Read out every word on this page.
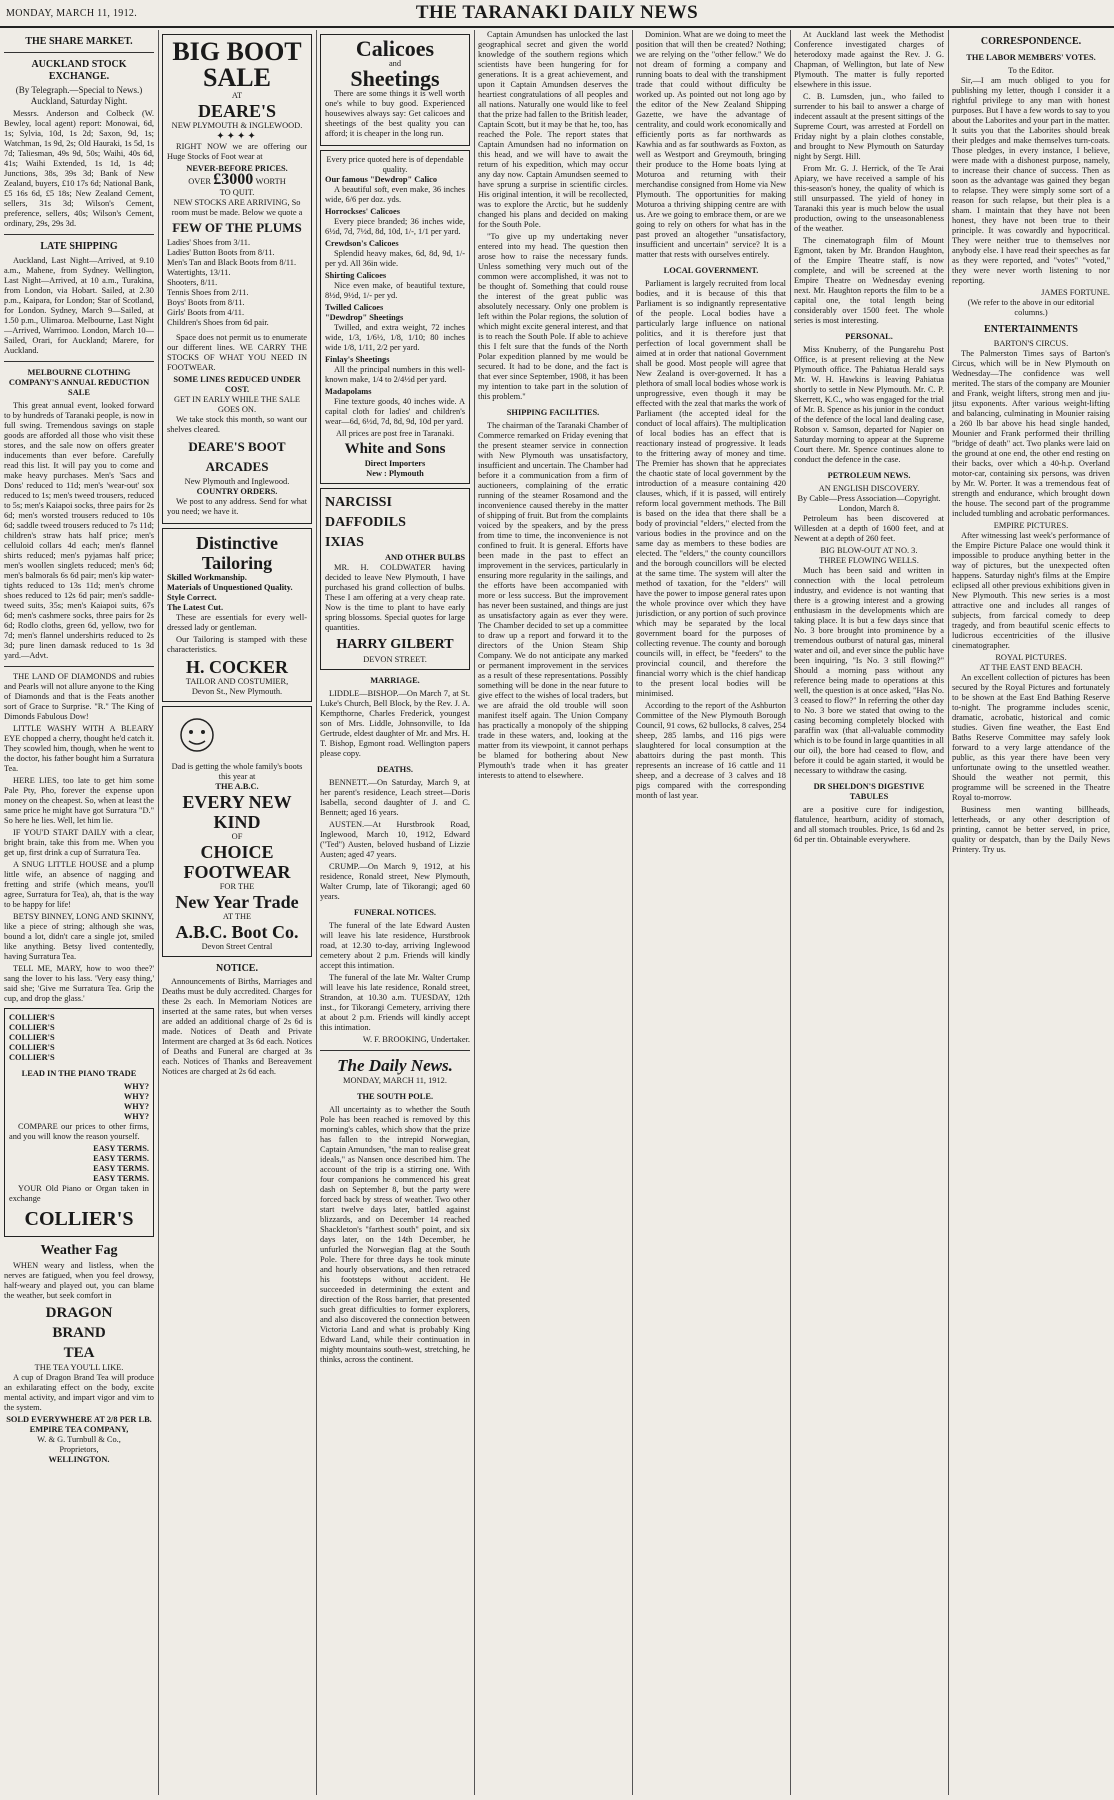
MONDAY, MARCH 11, 1912.	THE TARANAKI DAILY NEWS
THE SHARE MARKET.
AUCKLAND STOCK EXCHANGE.
(By Telegraph.—Special to News.) Auckland, Saturday Night.
Messrs. Anderson and Colbeck (W. Bewley, local agent) report: Monowai, 6d, 1s; Sylvia, 10d, 1s 2d; Saxon, 9d, 1s; Watchman, 1s 9d, 2s; Old Hauraki, 1s 5d, 1s 7d; Taliesman, 49s 9d, 50s; Waihi, 40s 6d, 41s; Waihi Extended, 1s 1d, 1s 4d; Junctions, 38s, 39s 3d; Bank of New Zealand, buyers, £10 17s 6d; National Bank, £5 16s 6d, £5 18s; New Zealand Cement, sellers, 31s 3d; Wilson's Cement, preference, sellers, 40s; Wilson's Cement, ordinary, 29s, 29s 3d.
LATE SHIPPING
Auckland, Last Night—Arrived, at 9.10 a.m., Mahene, from Sydney. Wellington, Last Night—Arrived, at 10 a.m., Turakina, from London, via Hobart. Sailed, at 2.30 p.m., Kaipara, for London; Star of Scotland, for London. Sydney, March 9—Sailed, at 1.50 p.m., Ulimaroa. Melbourne, Last Night—Arrived, Warrimoo. London, March 10—Sailed, Orari, for Auckland; Marere, for Auckland.
MELBOURNE CLOTHING COMPANY'S ANNUAL REDUCTION SALE
This great annual event, looked forward to by hundreds of Taranaki people, is now in full swing. Tremendous savings on staple goods are afforded all those who visit these stores, and the sale now on offers greater inducements than ever before. Carefully read this list. It will pay you to come and make heavy purchases. Men's 'Sacs and Dons' reduced to 11d; men's 'wear-out' sox reduced to 1s; men's tweed trousers, reduced to 5s; men's Kaiapoi socks, three pairs for 2s 6d; men's worsted trousers reduced to 10s 6d; saddle tweed trousers reduced to 7s 11d; children's straw hats half price; men's celluloid collars 4d each; men's flannel shirts reduced; men's pyjamas half price; men's woollen singlets reduced; men's 6d; men's balmorals 6s 6d pair; men's kip water-tights reduced to 13s 11d; men's chrome shoes reduced to 12s 6d pair; men's saddle-tweed suits, 35s; men's Kaiapoi suits, 67s 6d; men's cashmere socks, three pairs for 2s 6d; Rodlo cloths, green 6d, yellow, two for 7d; men's flannel undershirts reduced to 2s 3d; pure linen damask reduced to 1s 3d yard.—Advt.
THE LAND OF DIAMONDS and rubies and Pearls will not allure anyone to the King of Diamonds and that is the Feats another sort of Grace to Surprise. "R." The King of Dimonds Fabulous Dow!
LITTLE WASHY WITH A BLEARY EYE chopped a cherry, thought he'd catch it. They scowled him, though, when he went to the doctor, his father bought him a Surratura Tea.
HERE LIES, too late to get him some Pale Pty, Pho, forever the expense upon money on the cheapest. So, when at least the same price he might have got Surratura "D." So here he lies. Well, let him lie.
IF YOU'D START DAILY with a clear, bright brain, take this from me. When you get up, first drink a cup of Surratura Tea.
A SNUG LITTLE HOUSE and a plump little wife, an absence of nagging and fretting and strife (which means, you'll agree, Surratura for Tea), ah, that is the way to be happy for life!
BETSY BINNEY, LONG AND SKINNY, like a piece of string; although she was, bound a lot, didn't care a single jot, smiled like anything. Betsy lived contentedly, having Surratura Tea.
TELL ME, MARY, how to woo thee?' sang the lover to his lass. 'Very easy thing,' said she; 'Give me Surratura Tea. Grip the cup, and drop the glass.'
COLLIER'S
COLLIER'S
COLLIER'S
COLLIER'S
COLLIER'S
LEAD IN THE PIANO TRADE
WHY?
WHY?
WHY?
WHY?
COMPARE our prices to other firms, and you will know the reason yourself.
EASY TERMS.
EASY TERMS.
EASY TERMS.
EASY TERMS.
YOUR Old Piano or Organ taken in exchange
COLLIER'S
Weather Fag
WHEN weary and listless, when the nerves are fatigued, when you feel drowsy, half-weary and played out, you can blame the weather, but seek comfort in
DRAGON
BRAND
TEA
THE TEA YOU'LL LIKE.
A cup of Dragon Brand Tea will produce an exhilarating effect on the body, excite mental activity, and impart vigor and vim to the system.
SOLD EVERYWHERE AT 2/8 PER LB.
EMPIRE TEA COMPANY,
W. & G. Turnbull & Co.,
Proprietors,
WELLINGTON.
BIG BOOT SALE
AT
DEARE'S
NEW PLYMOUTH & INGLEWOOD.
✦✦✦✦
RIGHT NOW we are offering our Huge Stocks of Foot wear at
NEVER-BEFORE PRICES.
OVER £3000 WORTH
TO QUIT.
NEW STOCKS ARE ARRIVING, So room must be made. Below we quote a
FEW OF THE PLUMS
Ladies' Shoes from 3/11.
Ladies' Button Boots from 8/11.
Men's Tan and Black Boots from 8/11.
Watertights, 13/11.
Shooters, 8/11.
Tennis Shoes from 2/11.
Boys' Boots from 8/11.
Girls' Boots from 4/11.
Children's Shoes from 6d pair.
Space does not permit us to enumerate our different lines. WE CARRY THE STOCKS OF WHAT YOU NEED IN FOOTWEAR.
SOME LINES REDUCED UNDER COST.
GET IN EARLY WHILE THE SALE GOES ON.
We take stock this month, so want our shelves cleared.
DEARE'S BOOT ARCADES
New Plymouth and Inglewood.
COUNTRY ORDERS.
We post to any address. Send for what you need; we have it.
Distinctive Tailoring
Skilled Workmanship.
Materials of Unquestioned Quality.
Style Correct.
The Latest Cut.
These are essentials for every well-dressed lady or gentleman.
Our Tailoring is stamped with these characteristics.
H. COCKER
TAILOR AND COSTUMIER,
Devon St., New Plymouth.
Dad is getting the whole family's boots this year at
THE A.B.C.
EVERY NEW KIND
OF
CHOICE FOOTWEAR
FOR THE
New Year Trade
AT THE
A.B.C. Boot Co.
Devon Street Central
NOTICE.
Announcements of Births, Marriages and Deaths must be duly accredited. Charges for these 2s each. In Memoriam Notices are inserted at the same rates, but when verses are added an additional charge of 2s 6d is made. Notices of Death and Private Interment are charged at 3s 6d each. Notices of Deaths and Funeral are charged at 3s each. Notices of Thanks and Bereavement Notices are charged at 2s 6d each.
Calicoes
and
Sheetings
There are some things it is well worth one's while to buy good. Experienced housewives always say: Get calicoes and sheetings of the best quality you can afford; it is cheaper in the long run.
Every price quoted here is of dependable quality.
Our famous "Dewdrop" Calico
A beautiful soft, even make, 36 inches wide, 6/6 per doz. yds.
Horrockses' Calicoes
Every piece branded; 36 inches wide, 6½d, 7d, 7½d, 8d, 10d, 1/-, 1/1 per yard.
Crewdson's Calicoes
Splendid heavy makes, 6d, 8d, 9d, 1/- per yd. All 36in wide.
Shirting Calicoes
Nice even make, of beautiful texture, 8½d, 9½d, 1/- per yd.
Twilled Calicoes
"Dewdrop" Sheetings
Twilled, and extra weight, 72 inches wide, 1/3, 1/6½, 1/8, 1/10; 80 inches wide 1/8, 1/11, 2/2 per yard.
Finlay's Sheetings
All the principal numbers in this well-known make, 1/4 to 2/4½d per yard.
Madapolams
Fine texture goods, 40 inches wide. A capital cloth for ladies' and children's wear—6d, 6½d, 7d, 8d, 9d, 10d per yard.
All prices are post free in Taranaki.
White and Sons
Direct Importers
New : Plymouth
NARCISSI
DAFFODILS
IXIAS
AND OTHER BULBS
MR. H. COLDWATER having decided to leave New Plymouth, I have purchased his grand collection of bulbs. These I am offering at a very cheap rate. Now is the time to plant to have early spring blossoms. Special quotes for large quantities.
HARRY GILBERT
DEVON STREET.
MARRIAGE.
LIDDLE—BISHOP.—On March 7, at St. Luke's Church, Bell Block, by the Rev. J. A. Kempthorne, Charles Frederick, youngest son of Mrs. Liddle, Johnsonville, to Ida Gertrude, eldest daughter of Mr. and Mrs. H. T. Bishop, Egmont road. Wellington papers please copy.
DEATHS.
BENNETT.—On Saturday, March 9, at her parent's residence, Leach street—Doris Isabella, second daughter of J. and C. Bennett; aged 16 years.
AUSTEN.—At Hurstbrook Road, Inglewood, March 10, 1912, Edward ("Ted") Austen, beloved husband of Lizzie Austen; aged 47 years.
CRUMP.—On March 9, 1912, at his residence, Ronald street, New Plymouth, Walter Crump, late of Tikorangi; aged 60 years.
FUNERAL NOTICES.
The funeral of the late Edward Austen will leave his late residence, Hurstbrook road, at 12.30 to-day, arriving Inglewood cemetery about 2 p.m. Friends will kindly accept this intimation.
The funeral of the late Mr. Walter Crump will leave his late residence, Ronald street, Strandon, at 10.30 a.m. TUESDAY, 12th inst., for Tikorangi Cemetery, arriving there at about 2 p.m. Friends will kindly accept this intimation.
W. F. BROOKING, Undertaker.
The Daily News.
MONDAY, MARCH 11, 1912.
THE SOUTH POLE.
All uncertainty as to whether the South Pole has been reached is removed by this morning's cables, which show that the prize has fallen to the intrepid Norwegian, Captain Amundsen, "the man to realise great ideals," as Nansen once described him. The account of the trip is a stirring one. With four companions he commenced his great dash on September 8, but the party were forced back by stress of weather. Two other start twelve days later, battled against blizzards, and on December 14 reached Shackleton's "farthest south" point, and six days later, on the 14th December, he unfurled the Norwegian flag at the South Pole. There for three days he took minute and hourly observations, and then retraced his footsteps without accident. He succeeded in determining the extent and direction of the Ross barrier, that presented such great difficulties to former explorers, and also discovered the connection between Victoria Land and what is probably King Edward Land, while their continuation in mighty mountains south-west, stretching, he thinks, across the continent.
Captain Amundsen has unlocked the last geographical secret and given the world knowledge of the southern regions which scientists have been hungering for for generations. It is a great achievement, and upon it Captain Amundsen deserves the heartiest congratulations of all peoples and all nations. Naturally one would like to feel that the prize had fallen to the British leader, Captain Scott, but it may be that he, too, has reached the Pole. The report states that Captain Amundsen had no information on this head, and we will have to await the return of his expedition, which may occur any day now. Captain Amundsen seemed to have sprung a surprise in scientific circles. His original intention, it will be recollected, was to explore the Arctic, but he suddenly changed his plans and decided on making for the South Pole.
"To give up my undertaking never entered into my head. The question then arose how to raise the necessary funds. Unless something very much out of the common were accomplished, it was not to be thought of. Something that could rouse the interest of the great public was absolutely necessary. Only one problem is left within the Polar regions, the solution of which might excite general interest, and that is to reach the South Pole. If able to achieve this I felt sure that the funds of the North Polar expedition planned by me would be secured. It had to be done, and the fact is that ever since September, 1908, it has been my intention to take part in the solution of this problem."
SHIPPING FACILITIES.
The chairman of the Taranaki Chamber of Commerce remarked on Friday evening that the present steamer service in connection with New Plymouth was unsatisfactory, insufficient and uncertain. The Chamber had before it a communication from a firm of auctioneers, complaining of the erratic running of the steamer Rosamond and the inconvenience caused thereby in the matter of shipping of fruit. But from the complaints voiced by the speakers, and by the press from time to time, the inconvenience is not confined to fruit. It is general. Efforts have been made in the past to effect an improvement in the services, particularly in ensuring more regularity in the sailings, and the efforts have been accompanied with more or less success. But the improvement has never been sustained, and things are just as unsatisfactory again as ever they were. The Chamber decided to set up a committee to draw up a report and forward it to the directors of the Union Steam Ship Company. We do not anticipate any marked or permanent improvement in the services as a result of these representations. Possibly something will be done in the near future to give effect to the wishes of local traders, but we are afraid the old trouble will soon manifest itself again. The Union Company has practically a monopoly of the shipping trade in these waters, and, looking at the matter from its viewpoint, it cannot perhaps be blamed for bothering about New Plymouth's trade when it has greater interests to attend to elsewhere.
Dominion. What are we doing to meet the position that will then be created? Nothing; we are relying on the "other fellow." We do not dream of forming a company and running boats to deal with the transhipment trade that could without difficulty be worked up. As pointed out not long ago by the editor of the New Zealand Shipping Gazette, we have the advantage of centrality, and could work economically and efficiently ports as far northwards as Kawhia and as far southwards as Foxton, as well as Westport and Greymouth, bringing their produce to the Home boats lying at Moturoa and returning with their merchandise consigned from Home via New Plymouth. The opportunities for making Moturoa a thriving shipping centre are with us. Are we going to embrace them, or are we going to rely on others for what has in the past proved an altogether "unsatisfactory, insufficient and uncertain" service? It is a matter that rests with ourselves entirely.
LOCAL GOVERNMENT.
Parliament is largely recruited from local bodies, and it is because of this that Parliament is so indignantly representative of the people. Local bodies have a particularly large influence on national politics, and it is therefore just that perfection of local government shall be aimed at in order that national Government shall be good. Most people will agree that New Zealand is over-governed. It has a plethora of small local bodies whose work is unprogressive, even though it may be effected with the zeal that marks the work of Parliament (the accepted ideal for the conduct of local affairs). The multiplication of local bodies has an effect that is reactionary instead of progressive. It leads to the frittering away of money and time. The Premier has shown that he appreciates the chaotic state of local government by the introduction of a measure containing 420 clauses, which, if it is passed, will entirely reform local government methods. The Bill is based on the idea that there shall be a body of provincial "elders," elected from the various bodies in the province and on the same day as members to these bodies are elected. The "elders," the county councillors and the borough councillors will be elected at the same time. The system will alter the method of taxation, for the "elders" will have the power to impose general rates upon the whole province over which they have jurisdiction, or any portion of such province which may be separated by the local government board for the purposes of collecting revenue. The county and borough councils will, in effect, be "feeders" to the provincial council, and therefore the financial worry which is the chief handicap to the present local bodies will be minimised.
According to the report of the Ashburton Committee of the New Plymouth Borough Council, 91 cows, 62 bullocks, 8 calves, 254 sheep, 285 lambs, and 116 pigs were slaughtered for local consumption at the abattoirs during the past month. This represents an increase of 16 cattle and 11 sheep, and a decrease of 3 calves and 18 pigs compared with the corresponding month of last year.
At Auckland last week the Methodist Conference investigated charges of heterodoxy made against the Rev. J. G. Chapman, of Wellington, but late of New Plymouth. The matter is fully reported elsewhere in this issue.
C. B. Lumsden, jun., who failed to surrender to his bail to answer a charge of indecent assault at the present sittings of the Supreme Court, was arrested at Fordell on Friday night by a plain clothes constable, and brought to New Plymouth on Saturday night by Sergt. Hill.
From Mr. G. J. Herrick, of the Te Arai Apiary, we have received a sample of his this-season's honey, the quality of which is still unsurpassed. The yield of honey in Taranaki this year is much below the usual production, owing to the unseasonableness of the weather.
The cinematograph film of Mount Egmont, taken by Mr. Brandon Haughton, of the Empire Theatre staff, is now complete, and will be screened at the Empire Theatre on Wednesday evening next. Mr. Haughton reports the film to be a capital one, the total length being considerably over 1500 feet. The whole series is most interesting.
PERSONAL.
Miss Knuberry, of the Pungarehu Post Office, is at present relieving at the New Plymouth office. The Pahiatua Herald says Mr. W. H. Hawkins is leaving Pahiatua shortly to settle in New Plymouth. Mr. C. P. Skerrett, K.C., who was engaged for the trial of Mr. B. Spence as his junior in the conduct of the defence of the local land dealing case, Robson v. Samson, departed for Napier on Saturday morning to appear at the Supreme Court there. Mr. Spence continues alone to conduct the defence in the case.
PETROLEUM NEWS.
AN ENGLISH DISCOVERY.
By Cable—Press Association—Copyright. London, March 8.
Petroleum has been discovered at Willesden at a depth of 1600 feet, and at Newent at a depth of 260 feet.
BIG BLOW-OUT AT NO. 3.
THREE FLOWING WELLS.
Much has been said and written in connection with the local petroleum industry, and evidence is not wanting that there is a growing interest and a growing enthusiasm in the developments which are taking place. It is but a few days since that No. 3 bore brought into prominence by a tremendous outburst of natural gas, mineral water and oil, and ever since the public have been inquiring, "Is No. 3 still flowing?" Should a morning pass without any reference being made to operations at this well, the question is at once asked, "Has No. 3 ceased to flow?" In referring the other day to No. 3 bore we stated that owing to the casing becoming completely blocked with paraffin wax (that all-valuable commodity which is to be found in large quantities in all our oil), the bore had ceased to flow, and before it could be again started, it would be necessary to withdraw the casing.
DR SHELDON'S DIGESTIVE TABULES
are a positive cure for indigestion, flatulence, heartburn, acidity of stomach, and all stomach troubles. Price, 1s 6d and 2s 6d per tin. Obtainable everywhere.
CORRESPONDENCE.
THE LABOR MEMBERS' VOTES.
To the Editor.
Sir,—I am much obliged to you for publishing my letter, though I consider it a rightful privilege to any man with honest purposes. But I have a few words to say to you about the Laborites and your part in the matter. It suits you that the Laborites should break their pledges and make themselves turn-coats. Those pledges, in every instance, I believe, were made with a dishonest purpose, namely, to increase their chance of success. Then as soon as the advantage was gained they began to relapse. They were simply some sort of a reason for such relapse, but their plea is a sham. I maintain that they have not been honest, they have not been true to their principle. It was cowardly and hypocritical. They were neither true to themselves nor anybody else. I have read their speeches as far as they were reported, and "votes" "voted," they were never worth listening to nor reporting.
JAMES FORTUNE.
(We refer to the above in our editorial columns.)
ENTERTAINMENTS
BARTON'S CIRCUS.
The Palmerston Times says of Barton's Circus, which will be in New Plymouth on Wednesday—The confidence was well merited. The stars of the company are Mounier and Frank, weight lifters, strong men and jiu-jitsu exponents. After various weight-lifting and balancing, culminating in Mounier raising a 260 lb bar above his head single handed, Mounier and Frank performed their thrilling "bridge of death" act. Two planks were laid on the ground at one end, the other end resting on their backs, over which a 40-h.p. Overland motor-car, containing six persons, was driven by Mr. W. Porter. It was a tremendous feat of strength and endurance, which brought down the house. The second part of the programme included tumbling and acrobatic performances.
EMPIRE PICTURES.
After witnessing last week's performance of the Empire Picture Palace one would think it impossible to produce anything better in the way of pictures, but the unexpected often happens. Saturday night's films at the Empire eclipsed all other previous exhibitions given in New Plymouth. This new series is a most attractive one and includes all ranges of subjects, from farcical comedy to deep tragedy, and from beautiful scenic effects to ludicrous eccentricities of the illusive cinematographer.
ROYAL PICTURES.
AT THE EAST END BEACH.
An excellent collection of pictures has been secured by the Royal Pictures and fortunately to be shown at the East End Bathing Reserve to-night. The programme includes scenic, dramatic, acrobatic, historical and comic studies. Given fine weather, the East End Baths Reserve Committee may safely look forward to a very large attendance of the public, as this year there have been very unfortunate owing to the unsettled weather. Should the weather not permit, this programme will be screened in the Theatre Royal to-morrow.
Business men wanting billheads, letterheads, or any other description of printing, cannot be better served, in price, quality or despatch, than by the Daily News Printery. Try us.
